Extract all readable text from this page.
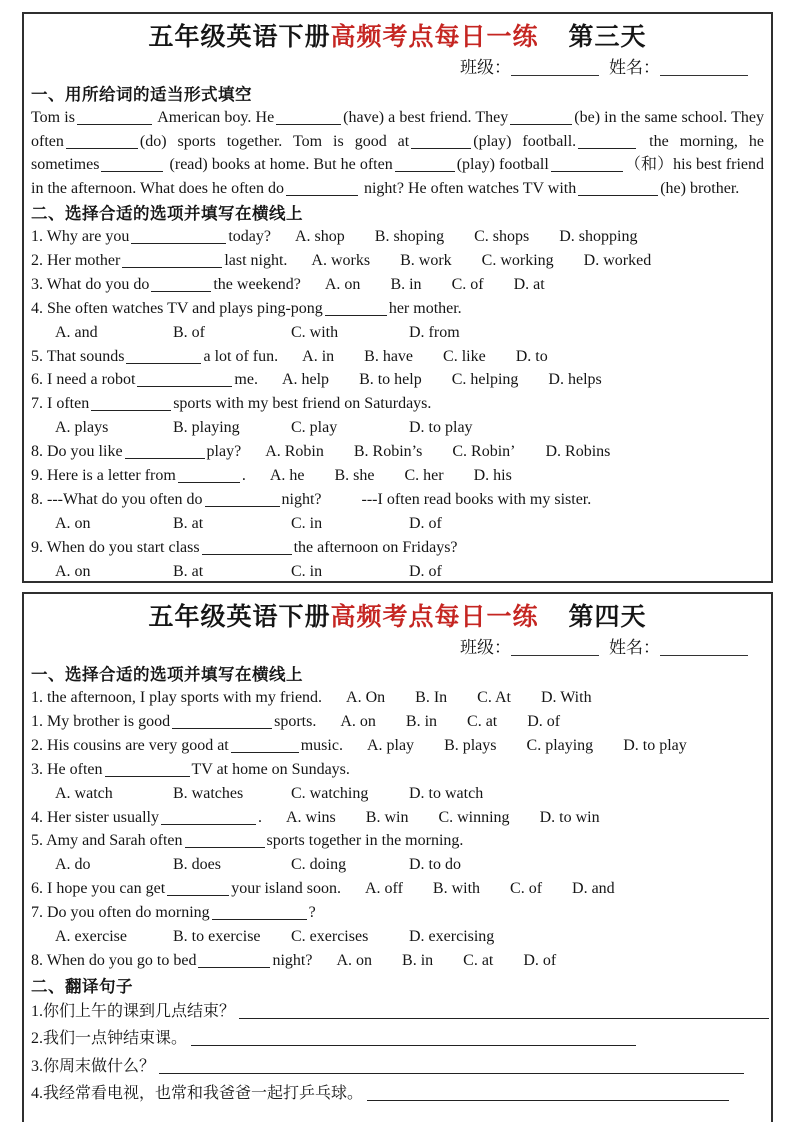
五年级英语下册高频考点每日一练 第三天
班级：	姓名：
一、用所给词的适当形式填空
Tom is	American boy. He	(have) a best friend. They	(be) in the same school. They often	(do) sports together. Tom is good at	(play) football.	the morning, he sometimes	(read) books at home. But he often	(play) football	（和）his best friend in the afternoon. What does he often do	night? He often watches TV with	(he) brother.
二、选择合适的选项并填写在横线上
1. Why are you	today? A. shop B. shoping C. shops D. shopping
2. Her mother	last night. A. works B. work C. working D. worked
3. What do you do	the weekend? A. on B. in C. of D. at
4. She often watches TV and plays ping-pong	her mother.
A. and	B. of	C. with	D. from
5. That sounds	a lot of fun. A. in B. have C. like D. to
6. I need a robot	me. A. help B. to help C. helping D. helps
7. I often	sports with my best friend on Saturdays.
A. plays	B. playing	C. play	D. to play
8. Do you like	play? A. Robin B. Robin’s C. Robin’ D. Robins
9. Here is a letter from	. A. he B. she C. her D. his
8. ---What do you often do	night?	---I often read books with my sister.
A. on	B. at	C. in	D. of
9. When do you start class	the afternoon on Fridays?
A. on	B. at	C. in	D. of
五年级英语下册高频考点每日一练 第四天
班级：	姓名：
一、选择合适的选项并填写在横线上
1. the afternoon, I play sports with my friend. A. On B. In C. At D. With
1. My brother is good	sports. A. on B. in C. at D. of
2. His cousins are very good at	music. A. play B. plays C. playing D. to play
3. He often	TV at home on Sundays.
A. watch	B. watches	C. watching	D. to watch
4. Her sister usually	. A. wins B. win C. winning D. to win
5. Amy and Sarah often	sports together in the morning.
A. do	B. does	C. doing	D. to do
6. I hope you can get	your island soon. A. off B. with C. of D. and
7. Do you often do morning	?
A. exercise	B. to exercise C. exercises	D. exercising
8. When do you go to bed	night? A. on B. in C. at D. of
二、翻译句子
1.你们上午的课到几点结束？
2.我们一点钟结束课。
3.你周末做什么？
4.我经常看电视，也常和我爸爸一起打乒乓球。
